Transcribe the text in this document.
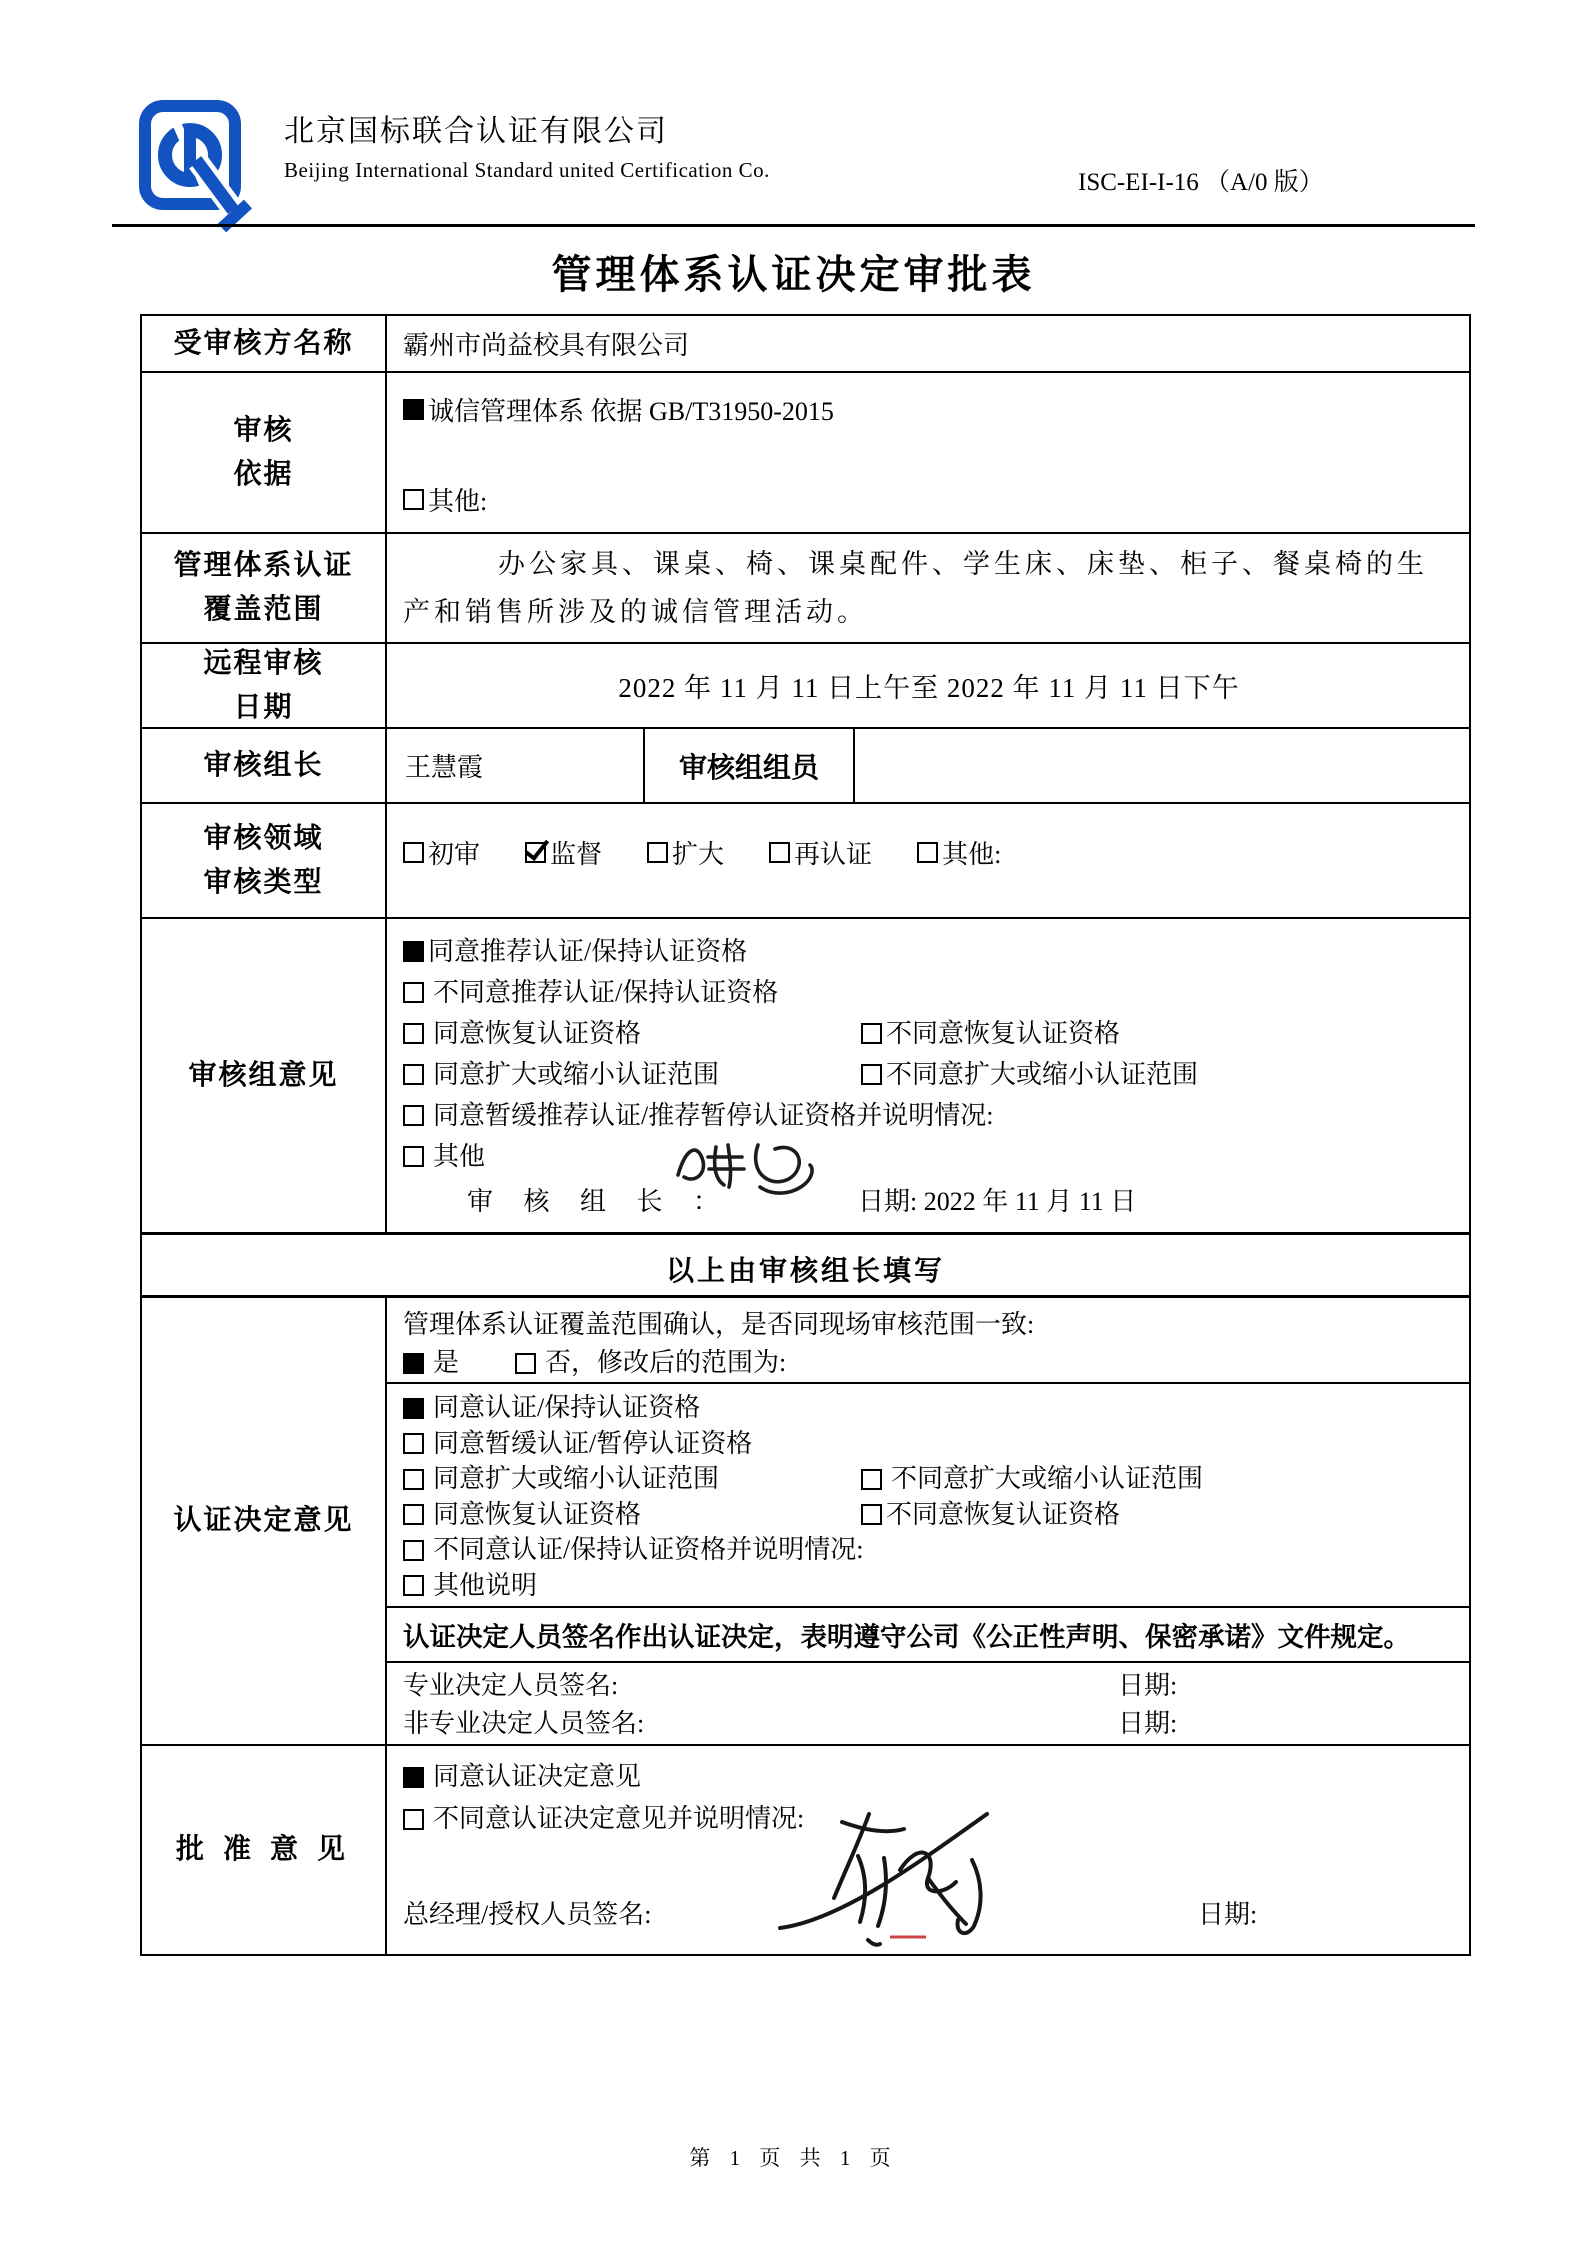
北京国标联合认证有限公司
Beijing International Standard united Certification Co.	ISC-EI-I-16 （A/0 版）
管理体系认证决定审批表
受审核方名称	霸州市尚益校具有限公司
审核
依据
诚信管理体系 依据 GB/T31950-2015
其他:
管理体系认证
覆盖范围

办公家具、课桌、椅、课桌配件、学生床、床垫、柜子、餐桌椅的生产和销售所涉及的诚信管理活动。

远程审核
日期
2022 年 11 月 11 日上午至 2022 年 11 月 11 日下午
审核组长	王慧霞	审核组组员
审核领域
审核类型
初审	监督	扩大	再认证	其他:
审核组意见
同意推荐认证/保持认证资格
不同意推荐认证/保持认证资格
同意恢复认证资格	不同意恢复认证资格
同意扩大或缩小认证范围	不同意扩大或缩小认证范围
同意暂缓推荐认证/推荐暂停认证资格并说明情况:
其他
审 核 组 长 ：	日期: 2022 年 11 月 11 日
以上由审核组长填写
认证决定意见
管理体系认证覆盖范围确认，是否同现场审核范围一致:
是	否，修改后的范围为:
同意认证/保持认证资格
同意暂缓认证/暂停认证资格
同意扩大或缩小认证范围	不同意扩大或缩小认证范围
同意恢复认证资格	不同意恢复认证资格
不同意认证/保持认证资格并说明情况:
其他说明
认证决定人员签名作出认证决定，表明遵守公司《公正性声明、保密承诺》文件规定。
专业决定人员签名:	日期:
非专业决定人员签名:	日期:
批 准 意 见
同意认证决定意见
不同意认证决定意见并说明情况:
总经理/授权人员签名:	日期:
第 1 页 共 1 页
